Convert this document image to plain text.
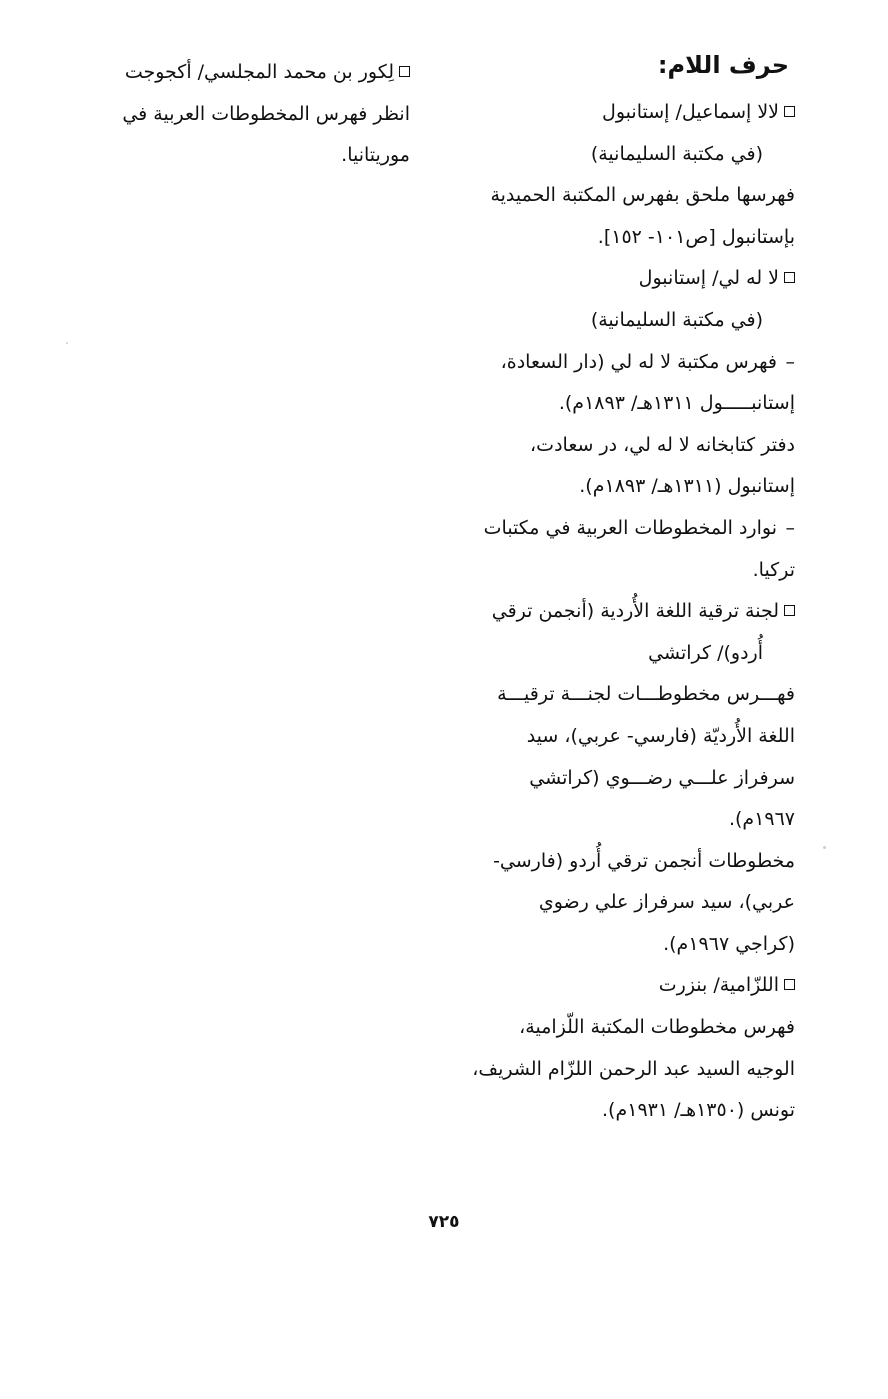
حرف اللام:
لالا إسماعيل/ إستانبول
(في مكتبة السليمانية)
فهرسها ملحق بفهرس المكتبة الحميدية
بإستانبول [ص١٠١- ١٥٢].
لا له لي/ إستانبول
(في مكتبة السليمانية)
–فهرس مكتبة لا له لي (دار السعادة،
إستانبـــــول ١٣١١هـ/ ١٨٩٣م).
دفتر كتابخانه لا له لي، در سعادت،
إستانبول (١٣١١هـ/ ١٨٩٣م).
–نوارد المخطوطات العربية في مكتبات
تركيا.
لجنة ترقية اللغة الأُردية (أنجمن ترقي
أُردو)/ كراتشي
فهـــرس مخطوطـــات لجنـــة ترقيـــة
اللغة الأُرديّة (فارسي- عربي)، سيد
سرفراز علـــي رضـــوي (كراتشي
١٩٦٧م).
مخطوطات أنجمن ترقي أُردو (فارسي-
عربي)، سيد سرفراز علي رضوي
(كراجي ١٩٦٧م).
اللزّامية/ بنزرت
فهرس مخطوطات المكتبة اللّزامية،
الوجيه السيد عبد الرحمن اللزّام الشريف،
تونس (١٣٥٠هـ/ ١٩٣١م).
لِكور بن محمد المجلسي/ أكجوجت
انظر فهرس المخطوطات العربية في
موريتانيا.
٧٢٥
